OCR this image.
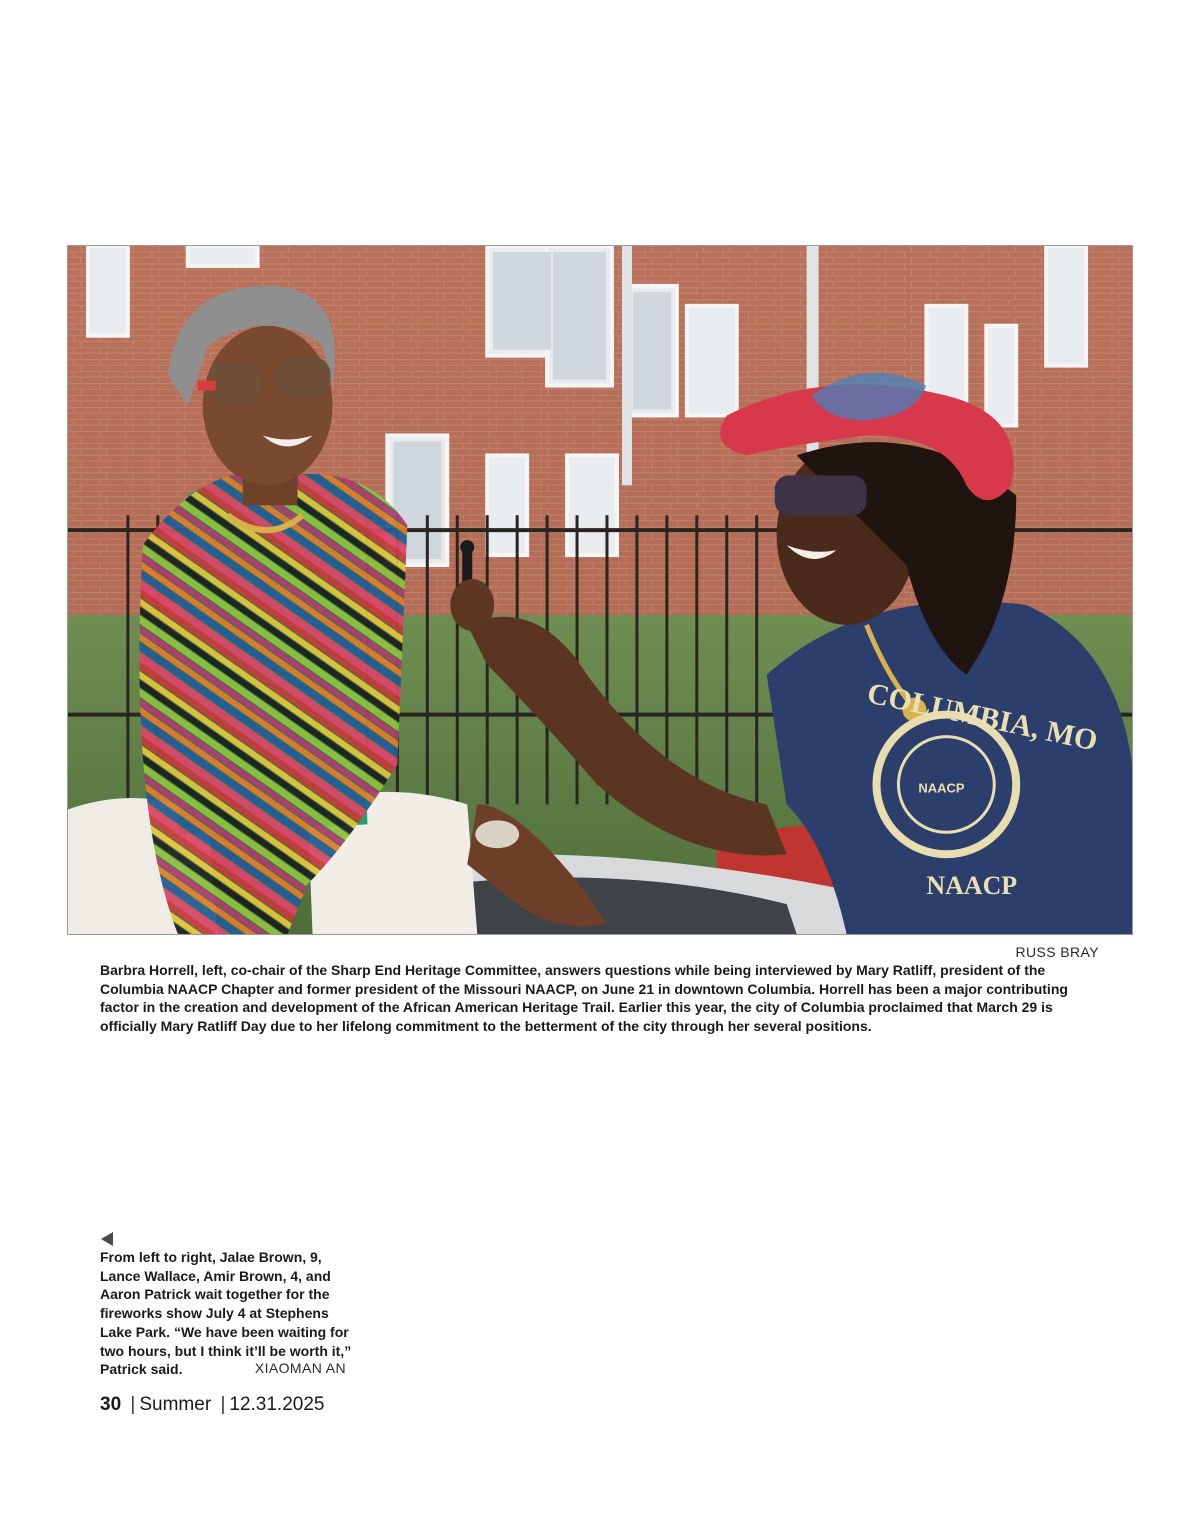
COLUMBIA, MO
NAACP
NAACP
RUSS BRAY
Barbra Horrell, left, co-chair of the Sharp End Heritage Committee, answers questions while being interviewed by Mary Ratliff, president of the Columbia NAACP Chapter and former president of the Missouri NAACP, on June 21 in downtown Columbia. Horrell has been a major contributing factor in the creation and development of the African American Heritage Trail. Earlier this year, the city of Columbia proclaimed that March 29 is officially Mary Ratliff Day due to her lifelong commitment to the betterment of the city through her several positions.
From left to right, Jalae Brown, 9, Lance Wallace, Amir Brown, 4, and Aaron Patrick wait together for the fireworks show July 4 at Stephens Lake Park. “We have been waiting for two hours, but I think it’ll be worth it,” Patrick said.	XIAOMAN AN
30 | Summer | 12.31.2025
